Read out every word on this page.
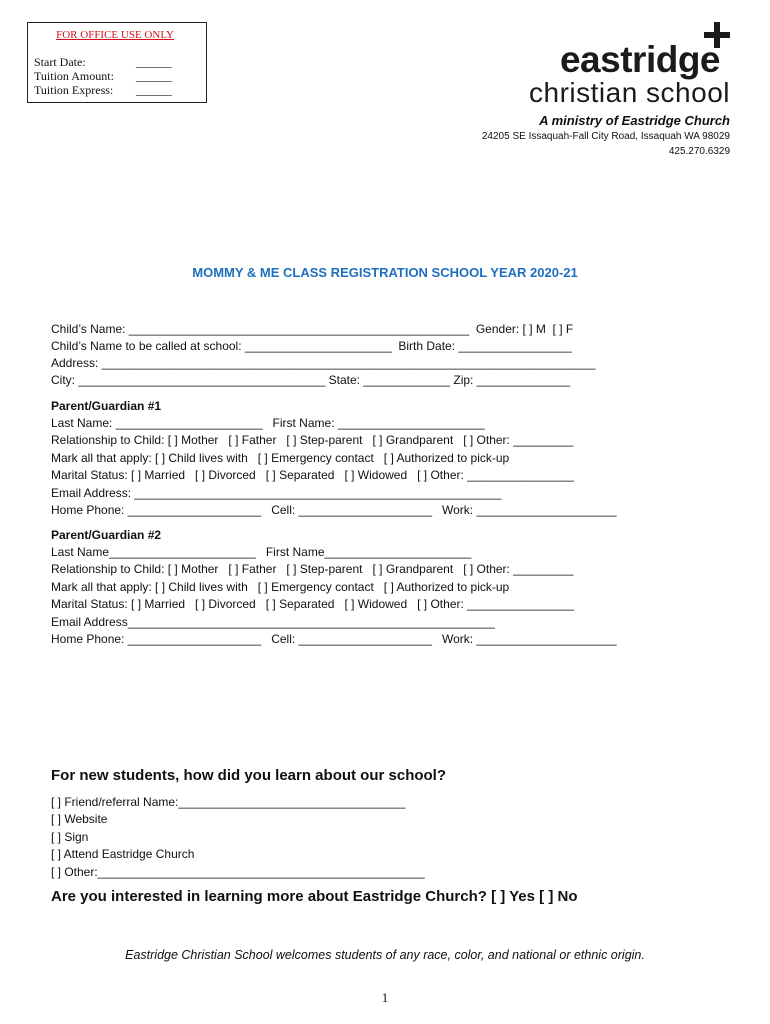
FOR OFFICE USE ONLY
Start Date:	______
Tuition Amount: ______
Tuition Express: ______
eastridge
christian school
A ministry of Eastridge Church
24205 SE Issaquah-Fall City Road, Issaquah WA 98029
425.270.6329
MOMMY & ME CLASS REGISTRATION SCHOOL YEAR 2020-21
Child’s Name: ___________________________________________________  Gender: [ ] M  [ ] F
Child’s Name to be called at school: ______________________  Birth Date: _________________
Address: __________________________________________________________________________
City: _____________________________________ State: _____________ Zip: ______________
Parent/Guardian #1
Last Name: ______________________   First Name: ______________________
Relationship to Child: [ ] Mother   [ ] Father   [ ] Step-parent   [ ] Grandparent   [ ] Other: _________
Mark all that apply: [ ] Child lives with   [ ] Emergency contact   [ ] Authorized to pick-up
Marital Status: [ ] Married   [ ] Divorced   [ ] Separated   [ ] Widowed   [ ] Other: ________________
Email Address: _______________________________________________________
Home Phone: ____________________   Cell: ____________________   Work: _____________________
Parent/Guardian #2
Last Name______________________   First Name______________________
Relationship to Child: [ ] Mother   [ ] Father   [ ] Step-parent   [ ] Grandparent   [ ] Other: _________
Mark all that apply: [ ] Child lives with   [ ] Emergency contact   [ ] Authorized to pick-up
Marital Status: [ ] Married   [ ] Divorced   [ ] Separated   [ ] Widowed   [ ] Other: ________________
Email Address_______________________________________________________
Home Phone: ____________________   Cell: ____________________   Work: _____________________
For new students, how did you learn about our school?
[ ] Friend/referral Name:__________________________________
[ ] Website
[ ] Sign
[ ] Attend Eastridge Church
[ ] Other:_________________________________________________
Are you interested in learning more about Eastridge Church? [ ] Yes [ ] No
Eastridge Christian School welcomes students of any race, color, and national or ethnic origin.
1
